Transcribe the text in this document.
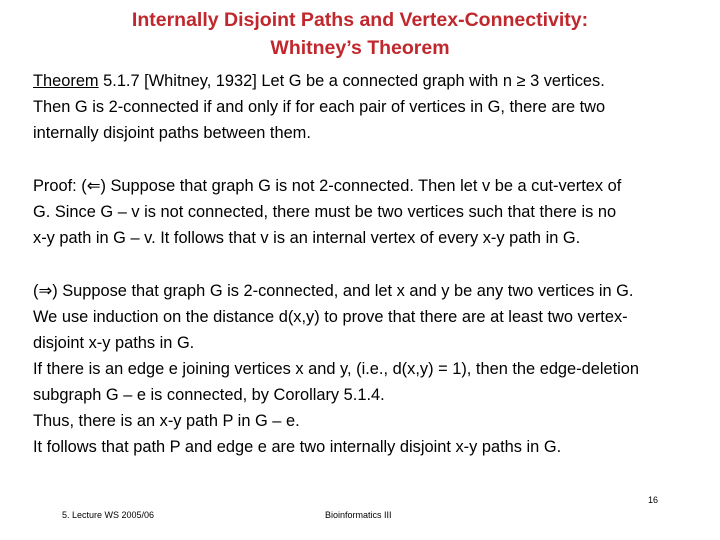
Internally Disjoint Paths and Vertex-Connectivity:
Whitney’s Theorem
Theorem 5.1.7 [Whitney, 1932] Let G be a connected graph with n ≥ 3 vertices.
Then G is 2-connected if and only if for each pair of vertices in G, there are two
internally disjoint paths between them.
Proof: (⇐) Suppose that graph G is not 2-connected. Then let v be a cut-vertex of
G. Since G – v is not connected, there must be two vertices such that there is no
x-y path in G – v. It follows that v is an internal vertex of every x-y path in G.
(⇒) Suppose that graph G is 2-connected, and let x and y be any two vertices in G.
We use induction on the distance d(x,y) to prove that there are at least two vertex-
disjoint x-y paths in G.
If there is an edge e joining vertices x and y, (i.e., d(x,y) = 1), then the edge-deletion
subgraph G – e is connected, by Corollary 5.1.4.
Thus, there is an x-y path P in G – e.
It follows that path P and edge e are two internally disjoint x-y paths in G.
16
5. Lecture WS 2005/06	Bioinformatics III
